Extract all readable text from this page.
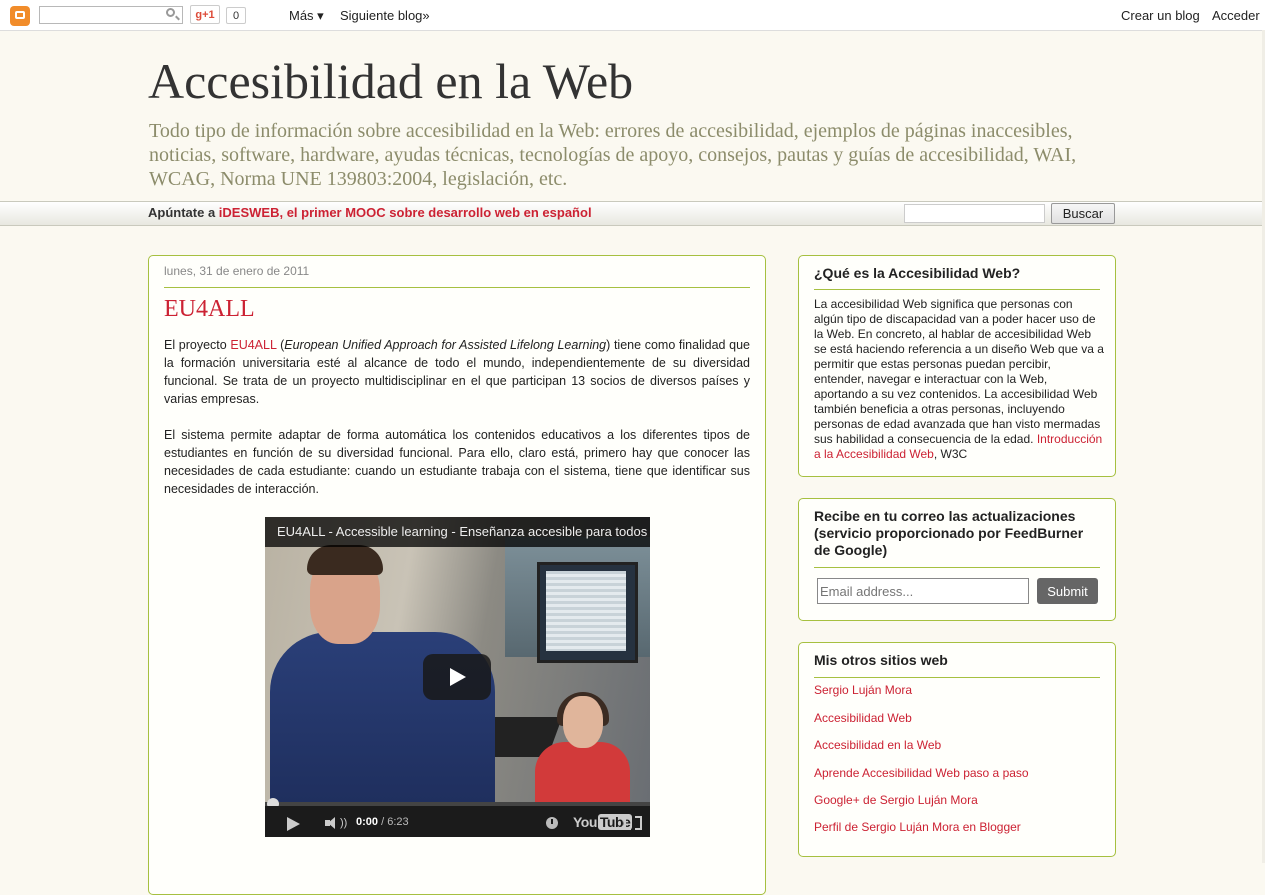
g+1	0	Más ▾ Siguiente blog»	Crear un blog Acceder
Accesibilidad en la Web
Todo tipo de información sobre accesibilidad en la Web: errores de accesibilidad, ejemplos de páginas inaccesibles, noticias, software, hardware, ayudas técnicas, tecnologías de apoyo, consejos, pautas y guías de accesibilidad, WAI, WCAG, Norma UNE 139803:2004, legislación, etc.
Apúntate a iDESWEB, el primer MOOC sobre desarrollo web en español	Buscar
lunes, 31 de enero de 2011
EU4ALL

El proyecto EU4ALL (European Unified Approach for Assisted Lifelong Learning) tiene como finalidad que la formación universitaria esté al alcance de todo el mundo, independientemente de su diversidad funcional. Se trata de un proyecto multidisciplinar en el que participan 13 socios de diversos países y varias empresas.

El sistema permite adaptar de forma automática los contenidos educativos a los diferentes tipos de estudiantes en función de su diversidad funcional. Para ello, claro está, primero hay que conocer las necesidades de cada estudiante: cuando un estudiante trabaja con el sistema, tiene que identificar sus necesidades de interacción.

EU4ALL - Accessible learning - Enseñanza accesible para todos
)) 0:00 / 6:23	You Tube
¿Qué es la Accesibilidad Web?
La accesibilidad Web significa que personas con algún tipo de discapacidad van a poder hacer uso de la Web. En concreto, al hablar de accesibilidad Web se está haciendo referencia a un diseño Web que va a permitir que estas personas puedan percibir, entender, navegar e interactuar con la Web, aportando a su vez contenidos. La accesibilidad Web también beneficia a otras personas, incluyendo personas de edad avanzada que han visto mermadas sus habilidad a consecuencia de la edad. Introducción a la Accesibilidad Web, W3C
Recibe en tu correo las actualizaciones (servicio proporcionado por FeedBurner de Google)
Email address...
Submit
Mis otros sitios web
Sergio Luján Mora
Accesibilidad Web
Accesibilidad en la Web
Aprende Accesibilidad Web paso a paso
Google+ de Sergio Luján Mora
Perfil de Sergio Luján Mora en Blogger
